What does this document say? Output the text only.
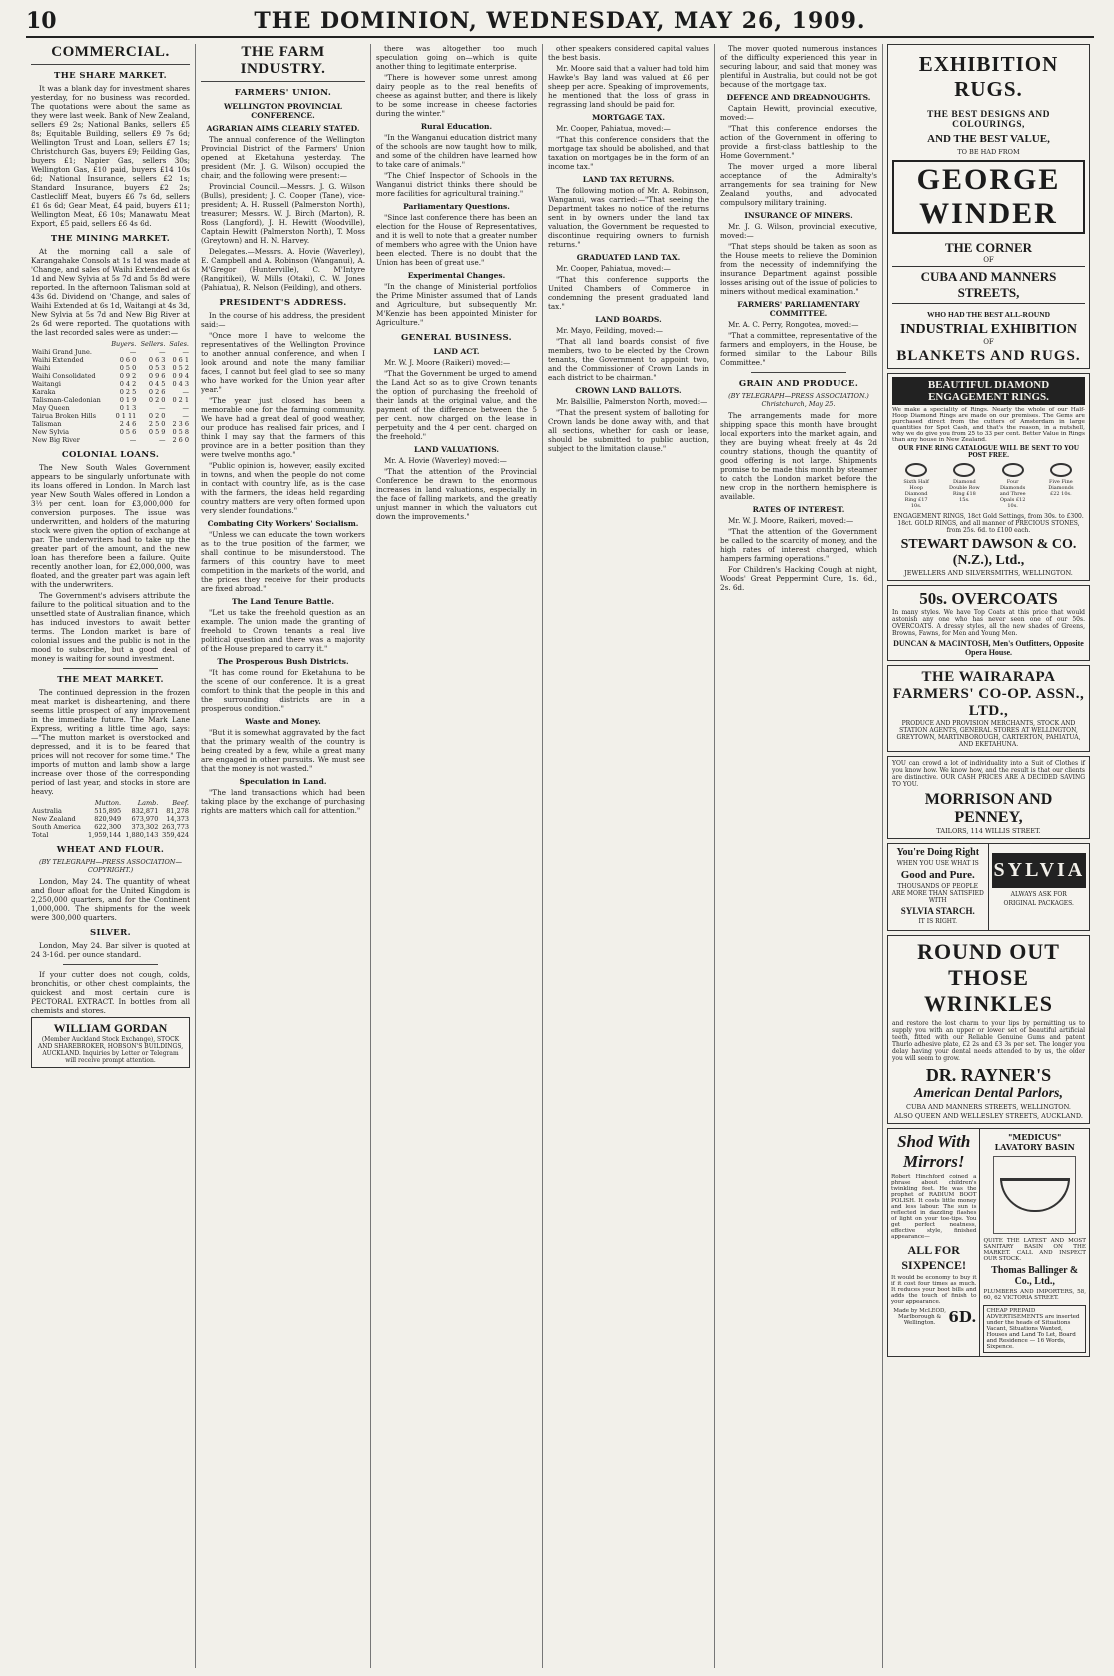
10	THE DOMINION, WEDNESDAY, MAY 26, 1909.
COMMERCIAL.
THE SHARE MARKET.

It was a blank day for investment shares yesterday, for no business was recorded. The quotations were about the same as they were last week. Bank of New Zealand, sellers £9 2s; National Banks, sellers £5 8s; Equitable Building, sellers £9 7s 6d; Wellington Trust and Loan, sellers £7 1s; Christchurch Gas, buyers £9; Feilding Gas, buyers £1; Napier Gas, sellers 30s; Wellington Gas, £10 paid, buyers £14 10s 6d; National Insurance, sellers £2 1s; Standard Insurance, buyers £2 2s; Castlecliff Meat, buyers £6 7s 6d, sellers £1 6s 6d; Gear Meat, £4 paid, buyers £11; Wellington Meat, £6 10s; Manawatu Meat Export, £5 paid, sellers £6 4s 6d.

THE MINING MARKET.

At the morning call a sale of Karangahake Consols at 1s 1d was made at 'Change, and sales of Waihi Extended at 6s 1d and New Sylvia at 5s 7d and 5s 8d were reported. In the afternoon Talisman sold at 43s 6d. Dividend on 'Change, and sales of Waihi Extended at 6s 1d, Waitangi at 4s 3d, New Sylvia at 5s 7d and New Big River at 2s 6d were reported. The quotations with the last recorded sales were as under:—

	Buyers.	Sellers.	Sales.
Waihi Grand June.	—	—	—
Waihi Extended	0 6 0	0 6 3	0 6 1
Waihi	0 5 0	0 5 3	0 5 2
Waihi Consolidated	0 9 2	0 9 6	0 9 4
Waitangi	0 4 2	0 4 5	0 4 3
Karaka	0 2 5	0 2 6	—
Talisman-Caledonian	0 1 9	0 2 0	0 2 1
May Queen	0 1 3	—	—
Tairua Broken Hills	0 1 11	0 2 0	—
Talisman	2 4 6	2 5 0	2 3 6
New Sylvia	0 5 6	0 5 9	0 5 8
New Big River	—	—	2 6 0
COLONIAL LOANS.

The New South Wales Government appears to be singularly unfortunate with its loans offered in London. In March last year New South Wales offered in London a 3½ per cent. loan for £3,000,000 for conversion purposes. The issue was underwritten, and holders of the maturing stock were given the option of exchange at par. The underwriters had to take up the greater part of the amount, and the new loan has therefore been a failure. Quite recently another loan, for £2,000,000, was floated, and the greater part was again left with the underwriters.

The Government's advisers attribute the failure to the political situation and to the unsettled state of Australian finance, which has induced investors to await better terms. The London market is bare of colonial issues and the public is not in the mood to subscribe, but a good deal of money is waiting for sound investment.

THE MEAT MARKET.

The continued depression in the frozen meat market is disheartening, and there seems little prospect of any improvement in the immediate future. The Mark Lane Express, writing a little time ago, says:—"The mutton market is overstocked and depressed, and it is to be feared that prices will not recover for some time." The imports of mutton and lamb show a large increase over those of the corresponding period of last year, and stocks in store are heavy.

	Mutton.	Lamb.	Beef.
Australia	515,895	832,871	81,278
New Zealand	820,949	673,970	14,373
South America	622,300	373,302	263,773
Total	1,959,144	1,880,143	359,424
WHEAT AND FLOUR.
(BY TELEGRAPH—PRESS ASSOCIATION—COPYRIGHT.)

London, May 24. The quantity of wheat and flour afloat for the United Kingdom is 2,250,000 quarters, and for the Continent 1,000,000. The shipments for the week were 300,000 quarters.

SILVER.

London, May 24. Bar silver is quoted at 24 3-16d. per ounce standard.

If your cutter does not cough, colds, bronchitis, or other chest complaints, the quickest and most certain cure is PECTORAL EXTRACT. In bottles from all chemists and stores.

WILLIAM GORDAN
(Member Auckland Stock Exchange), STOCK AND SHAREBROKER, HOBSON'S BUILDINGS, AUCKLAND. Inquiries by Letter or Telegram will receive prompt attention.
THE FARM INDUSTRY.
FARMERS' UNION.
WELLINGTON PROVINCIAL CONFERENCE.
AGRARIAN AIMS CLEARLY STATED.

The annual conference of the Wellington Provincial District of the Farmers' Union opened at Eketahuna yesterday. The president (Mr. J. G. Wilson) occupied the chair, and the following were present:—

Provincial Council.—Messrs. J. G. Wilson (Bulls), president; J. C. Cooper (Tane), vice-president; A. H. Russell (Palmerston North), treasurer; Messrs. W. J. Birch (Marton), R. Ross (Langford), J. H. Hewitt (Woodville), Captain Hewitt (Palmerston North), T. Moss (Greytown) and H. N. Harvey.

Delegates.—Messrs. A. Hovie (Waverley), E. Campbell and A. Robinson (Wanganui), A. M'Gregor (Hunterville), C. M'Intyre (Rangitikei), W. Mills (Otaki), C. W. Jones (Pahiatua), R. Nelson (Feilding), and others.

PRESIDENT'S ADDRESS.

In the course of his address, the president said:—

"Once more I have to welcome the representatives of the Wellington Province to another annual conference, and when I look around and note the many familiar faces, I cannot but feel glad to see so many who have worked for the Union year after year."

"The year just closed has been a memorable one for the farming community. We have had a great deal of good weather, our produce has realised fair prices, and I think I may say that the farmers of this province are in a better position than they were twelve months ago."

"Public opinion is, however, easily excited in towns, and when the people do not come in contact with country life, as is the case with the farmers, the ideas held regarding country matters are very often formed upon very slender foundations."

Combating City Workers' Socialism.

"Unless we can educate the town workers as to the true position of the farmer, we shall continue to be misunderstood. The farmers of this country have to meet competition in the markets of the world, and the prices they receive for their products are fixed abroad."

The Land Tenure Battle.

"Let us take the freehold question as an example. The union made the granting of freehold to Crown tenants a real live political question and there was a majority of the House prepared to carry it."

The Prosperous Bush Districts.

"It has come round for Eketahuna to be the scene of our conference. It is a great comfort to think that the people in this and the surrounding districts are in a prosperous condition."

Waste and Money.

"But it is somewhat aggravated by the fact that the primary wealth of the country is being created by a few, while a great many are engaged in other pursuits. We must see that the money is not wasted."

Speculation in Land.

"The land transactions which had been taking place by the exchange of purchasing rights are matters which call for attention."

there was altogether too much speculation going on—which is quite another thing to legitimate enterprise.

"There is however some unrest among dairy people as to the real benefits of cheese as against butter, and there is likely to be some increase in cheese factories during the winter."

Rural Education.

"In the Wanganui education district many of the schools are now taught how to milk, and some of the children have learned how to take care of animals."

"The Chief Inspector of Schools in the Wanganui district thinks there should be more facilities for agricultural training."

Parliamentary Questions.

"Since last conference there has been an election for the House of Representatives, and it is well to note that a greater number of members who agree with the Union have been elected. There is no doubt that the Union has been of great use."

Experimental Changes.

"In the change of Ministerial portfolios the Prime Minister assumed that of Lands and Agriculture, but subsequently Mr. M'Kenzie has been appointed Minister for Agriculture."

GENERAL BUSINESS.
LAND ACT.

Mr. W. J. Moore (Raikeri) moved:—

"That the Government be urged to amend the Land Act so as to give Crown tenants the option of purchasing the freehold of their lands at the original value, and the payment of the difference between the 5 per cent. now charged on the lease in perpetuity and the 4 per cent. charged on the freehold."

LAND VALUATIONS.

Mr. A. Hovie (Waverley) moved:—

"That the attention of the Provincial Conference be drawn to the enormous increases in land valuations, especially in the face of falling markets, and the greatly unjust manner in which the valuators cut down the improvements."

other speakers considered capital values the best basis.

Mr. Moore said that a valuer had told him Hawke's Bay land was valued at £6 per sheep per acre. Speaking of improvements, he mentioned that the loss of grass in regrassing land should be paid for.

MORTGAGE TAX.

Mr. Cooper, Pahiatua, moved:—

"That this conference considers that the mortgage tax should be abolished, and that taxation on mortgages be in the form of an income tax."

LAND TAX RETURNS.

The following motion of Mr. A. Robinson, Wanganui, was carried:—"That seeing the Department takes no notice of the returns sent in by owners under the land tax valuation, the Government be requested to discontinue requiring owners to furnish returns."

GRADUATED LAND TAX.

Mr. Cooper, Pahiatua, moved:—

"That this conference supports the United Chambers of Commerce in condemning the present graduated land tax."

LAND BOARDS.

Mr. Mayo, Feilding, moved:—

"That all land boards consist of five members, two to be elected by the Crown tenants, the Government to appoint two, and the Commissioner of Crown Lands in each district to be chairman."

CROWN LAND BALLOTS.

Mr. Balsillie, Palmerston North, moved:—

"That the present system of balloting for Crown lands be done away with, and that all sections, whether for cash or lease, should be submitted to public auction, subject to the limitation clause."

The mover quoted numerous instances of the difficulty experienced this year in securing labour, and said that money was plentiful in Australia, but could not be got because of the mortgage tax.

DEFENCE AND DREADNOUGHTS.

Captain Hewitt, provincial executive, moved:—

"That this conference endorses the action of the Government in offering to provide a first-class battleship to the Home Government."

The mover urged a more liberal acceptance of the Admiralty's arrangements for sea training for New Zealand youths, and advocated compulsory military training.

INSURANCE OF MINERS.

Mr. J. G. Wilson, provincial executive, moved:—

"That steps should be taken as soon as the House meets to relieve the Dominion from the necessity of indemnifying the insurance Department against possible losses arising out of the issue of policies to miners without medical examination."

FARMERS' PARLIAMENTARY COMMITTEE.

Mr. A. C. Perry, Rongotea, moved:—

"That a committee, representative of the farmers and employers, in the House, be formed similar to the Labour Bills Committee."

GRAIN AND PRODUCE.
(BY TELEGRAPH—PRESS ASSOCIATION.) Christchurch, May 25.

The arrangements made for more shipping space this month have brought local exporters into the market again, and they are buying wheat freely at 4s 2d country stations, though the quantity of good offering is not large. Shipments promise to be made this month by steamer to catch the London market before the new crop in the northern hemisphere is available.

RATES OF INTEREST.

Mr. W. J. Moore, Raikeri, moved:—

"That the attention of the Government be called to the scarcity of money, and the high rates of interest charged, which hampers farming operations."

For Children's Hacking Cough at night, Woods' Great Peppermint Cure, 1s. 6d., 2s. 6d.

EXHIBITION RUGS.
THE BEST DESIGNS AND COLOURINGS,
AND THE BEST VALUE,
TO BE HAD FROM
GEORGE WINDER
THE CORNER
OF
CUBA AND MANNERS STREETS,
WHO HAD THE BEST ALL-ROUND
INDUSTRIAL EXHIBITION
OF
BLANKETS AND RUGS.
BEAUTIFUL DIAMOND ENGAGEMENT RINGS.
We make a speciality of Rings. Nearly the whole of our Half-Hoop Diamond Rings are made on our premises. The Gems are purchased direct from the cutters of Amsterdam in large quantities for Spot Cash, and that's the reason, in a nutshell, why we do give you from 25 to 33 per cent. Better Value in Rings than any house in New Zealand.
OUR FINE RING CATALOGUE WILL BE SENT TO YOU POST FREE.
Sixth Half Hoop Diamond Ring £17 10s.
Diamond Double Row Ring £18 15s.
Four Diamonds and Three Opals £12 10s.
Five Fine Diamonds £22 10s.
ENGAGEMENT RINGS, 18ct Gold Settings, from 30s. to £300. 18ct. GOLD RINGS, and all manner of PRECIOUS STONES, from 25s. 6d. to £100 each.
STEWART DAWSON & CO. (N.Z.), Ltd.,
JEWELLERS AND SILVERSMITHS, WELLINGTON.
50s. OVERCOATS
In many styles. We have Top Coats at this price that would astonish any one who has never seen one of our 50s. OVERCOATS. A dressy styles, all the new shades of Greens, Browns, Fawns, for Men and Young Men.
DUNCAN & MACINTOSH, Men's Outfitters, Opposite Opera House.
THE WAIRARAPA FARMERS' CO-OP. ASSN., LTD.,
PRODUCE AND PROVISION MERCHANTS, STOCK AND STATION AGENTS, GENERAL STORES AT WELLINGTON, GREYTOWN, MARTINBOROUGH, CARTERTON, PAHIATUA, AND EKETAHUNA.
YOU can crowd a lot of individuality into a Suit of Clothes if you know how. We know how, and the result is that our clients are distinctive. OUR CASH PRICES ARE A DECIDED SAVING TO YOU.
MORRISON AND PENNEY,
TAILORS, 114 WILLIS STREET.
You're Doing Right
WHEN YOU USE WHAT IS
Good and Pure.
THOUSANDS OF PEOPLE ARE MORE THAN SATISFIED WITH
SYLVIA STARCH.
IT IS RIGHT.
SYLVIA
ALWAYS ASK FOR
ORIGINAL PACKAGES.
ROUND OUT THOSE WRINKLES
and restore the lost charm to your lips by permitting us to supply you with an upper or lower set of beautiful artificial teeth, fitted with our Reliable Genuine Gums and patent Thurlo adhesive plate, £2 2s and £3 3s per set. The longer you delay having your dental needs attended to by us, the older you will seem to grow.
DR. RAYNER'S
American Dental Parlors,
CUBA AND MANNERS STREETS, WELLINGTON.
ALSO QUEEN AND WELLESLEY STREETS, AUCKLAND.
Shod With Mirrors!
Robert Hinchford coined a phrase about children's twinkling feet. He was the prophet of RADIUM BOOT POLISH. It costs little money and less labour. The sun is reflected in dazzling flashes of light on your toe-tips. You get perfect neatness, effective style, finished appearance—
ALL FOR SIXPENCE!
It would be economy to buy it if it cost four times as much. It reduces your boot bills and adds the touch of finish to your appearance.
Made by McLEOD, Marlborough & Wellington. 6D.
"MEDICUS" LAVATORY BASIN
QUITE THE LATEST AND MOST SANITARY BASIN ON THE MARKET. CALL AND INSPECT OUR STOCK.
Thomas Ballinger & Co., Ltd.,
PLUMBERS AND IMPORTERS, 58, 60, 62 VICTORIA STREET.
CHEAP PREPAID ADVERTISEMENTS are inserted under the heads of Situations Vacant, Situations Wanted, Houses and Land To Let, Board and Residence — 16 Words, Sixpence.
